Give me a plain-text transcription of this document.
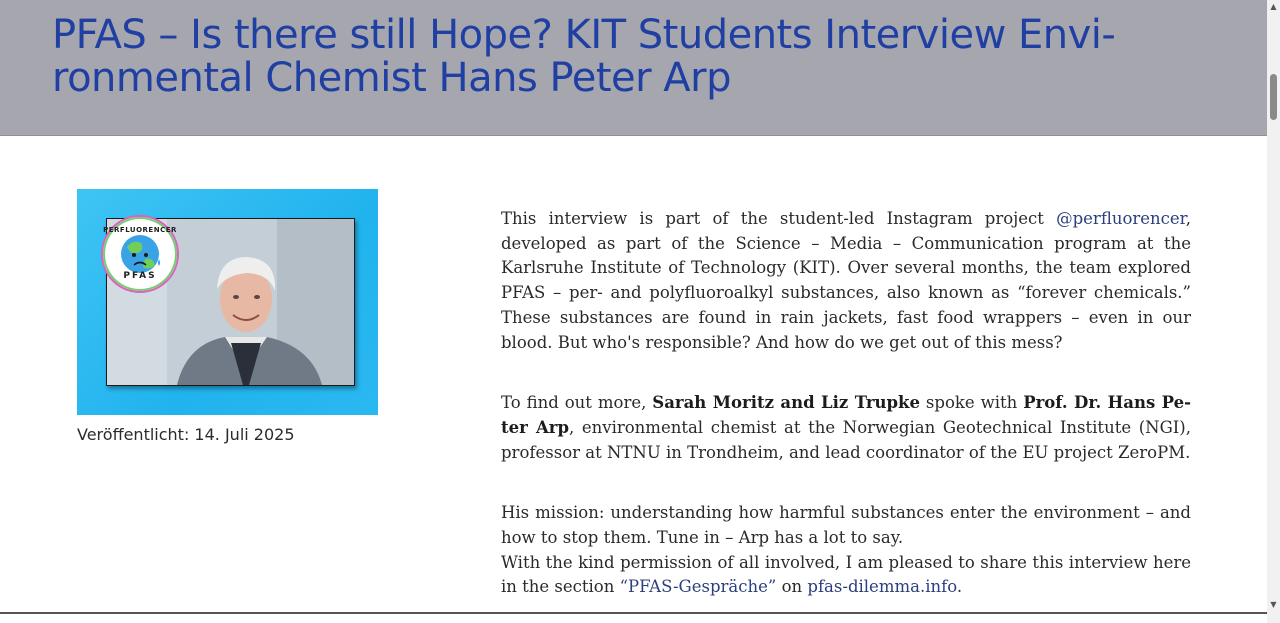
PFAS – Is there still Hope? KIT Students Interview Envi-
ronmental Chemist Hans Peter Arp
PERFLUORENCER
PFAS
Veröffentlicht: 14. Juli 2025

This interview is part of the student-led Instagram project @perfluorencer, developed as part of the Science – Media – Communication program at the Karlsruhe Institute of Technology (KIT). Over several months, the team explored PFAS – per- and polyfluoroalkyl substances, also known as “forever chemicals.” These substances are found in rain jackets, fast food wrappers – even in our blood. But who's responsible? And how do we get out of this mess?

To find out more, Sarah Moritz and Liz Trupke spoke with Prof. Dr. Hans Peter Arp, environmental chemist at the Norwegian Geotechnical Institute (NGI), professor at NTNU in Trondheim, and lead coordinator of the EU project ZeroPM.

His mission: understanding how harmful substances enter the environment – and how to stop them. Tune in – Arp has a lot to say.

With the kind permission of all involved, I am pleased to share this interview here in the section “PFAS-Gespräche” on pfas-dilemma.info.

▲
▼
